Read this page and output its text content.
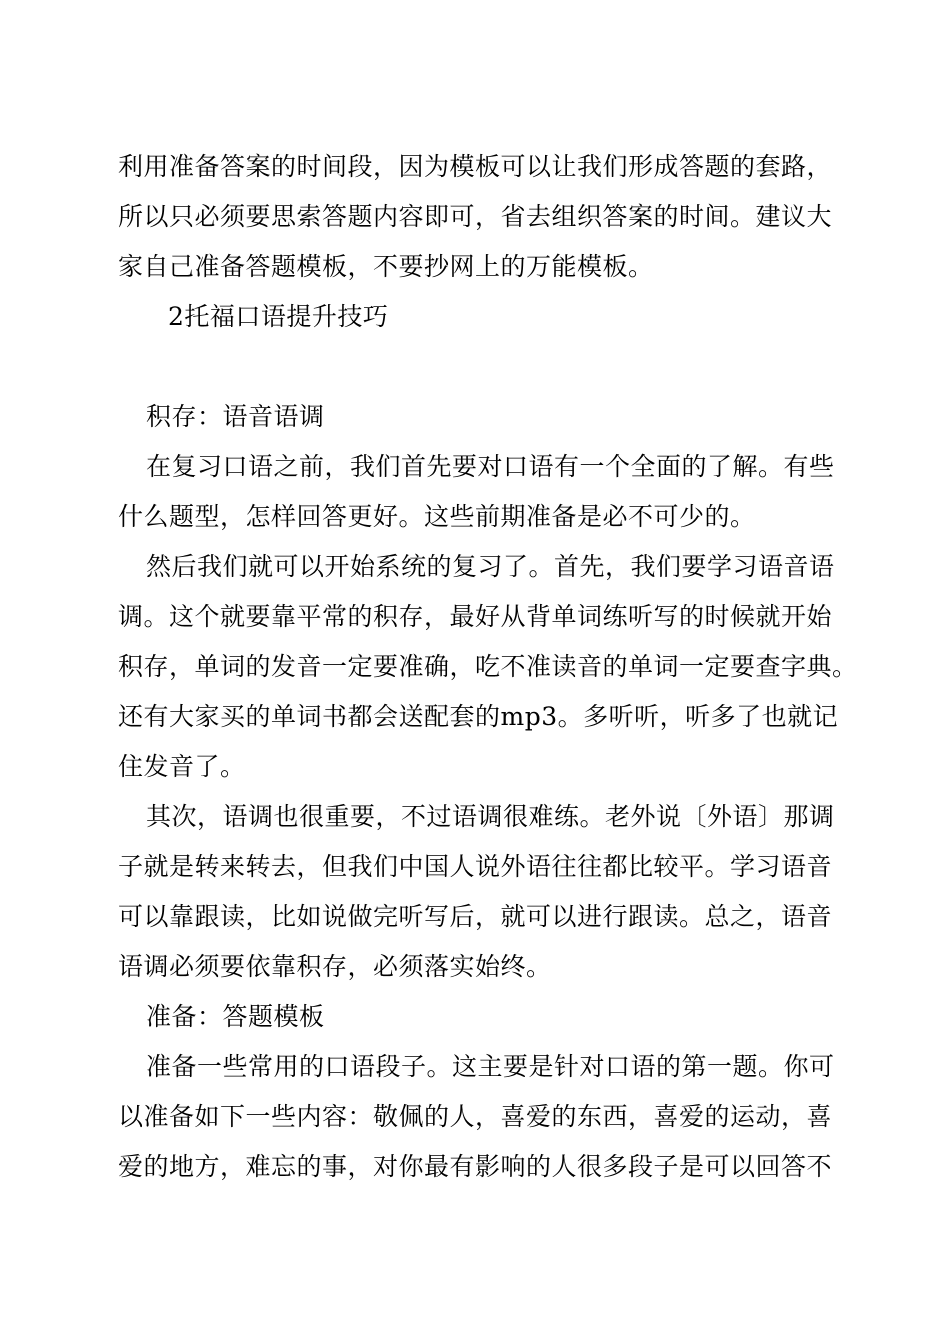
利用准备答案的时间段，因为模板可以让我们形成答题的套路，
所以只必须要思索答题内容即可，省去组织答案的时间。建议大
家自己准备答题模板，不要抄网上的万能模板。
2托福口语提升技巧
积存：语音语调
在复习口语之前，我们首先要对口语有一个全面的了解。有些
什么题型，怎样回答更好。这些前期准备是必不可少的。
然后我们就可以开始系统的复习了。首先，我们要学习语音语
调。这个就要靠平常的积存，最好从背单词练听写的时候就开始
积存，单词的发音一定要准确，吃不准读音的单词一定要查字典。
还有大家买的单词书都会送配套的mp3。多听听，听多了也就记
住发音了。
其次，语调也很重要，不过语调很难练。老外说〔外语〕那调
子就是转来转去，但我们中国人说外语往往都比较平。学习语音
可以靠跟读，比如说做完听写后，就可以进行跟读。总之，语音
语调必须要依靠积存，必须落实始终。
准备：答题模板
准备一些常用的口语段子。这主要是针对口语的第一题。你可
以准备如下一些内容：敬佩的人，喜爱的东西，喜爱的运动，喜
爱的地方，难忘的事，对你最有影响的人很多段子是可以回答不
